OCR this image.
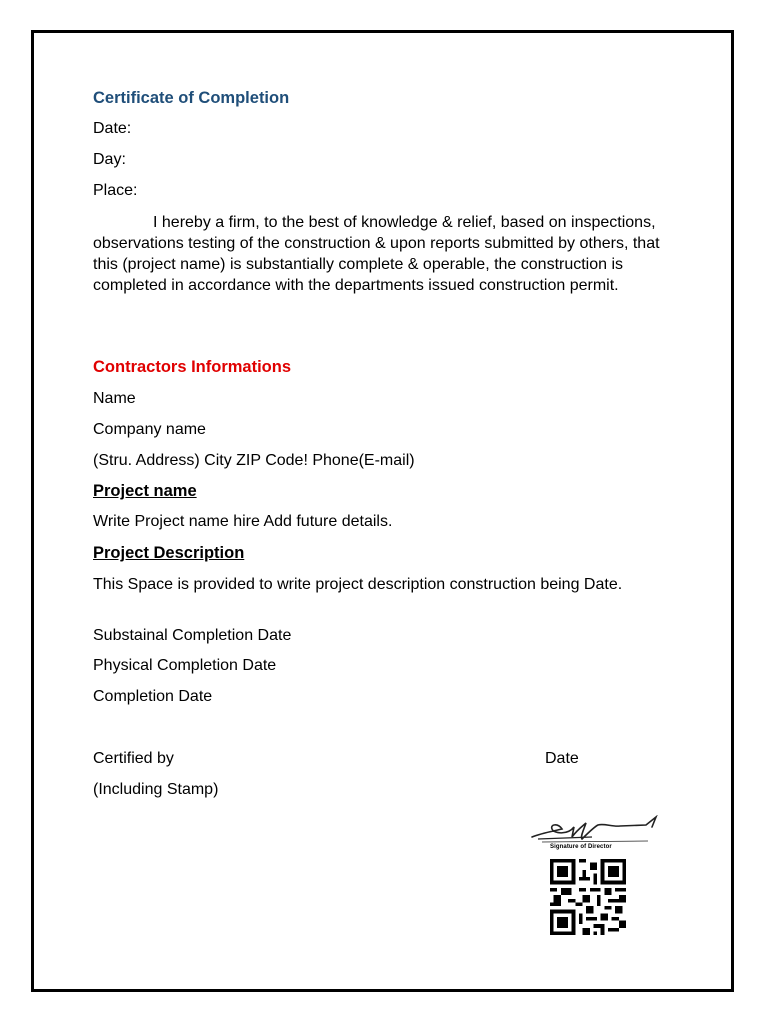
Certificate of Completion
Date:
Day:
Place:
I hereby a firm, to the best of knowledge & relief, based on inspections, observations testing of the construction & upon reports submitted by others, that this (project name) is substantially complete & operable, the construction is completed in accordance with the departments issued construction permit.
Contractors Informations
Name
Company name
(Stru. Address) City ZIP Code! Phone(E-mail)
Project name
Write Project name hire Add future details.
Project Description
This Space is provided to write project description construction being Date.
Substainal Completion Date
Physical Completion Date
Completion Date
Certified by	Date
(Including Stamp)
Signature of Director
